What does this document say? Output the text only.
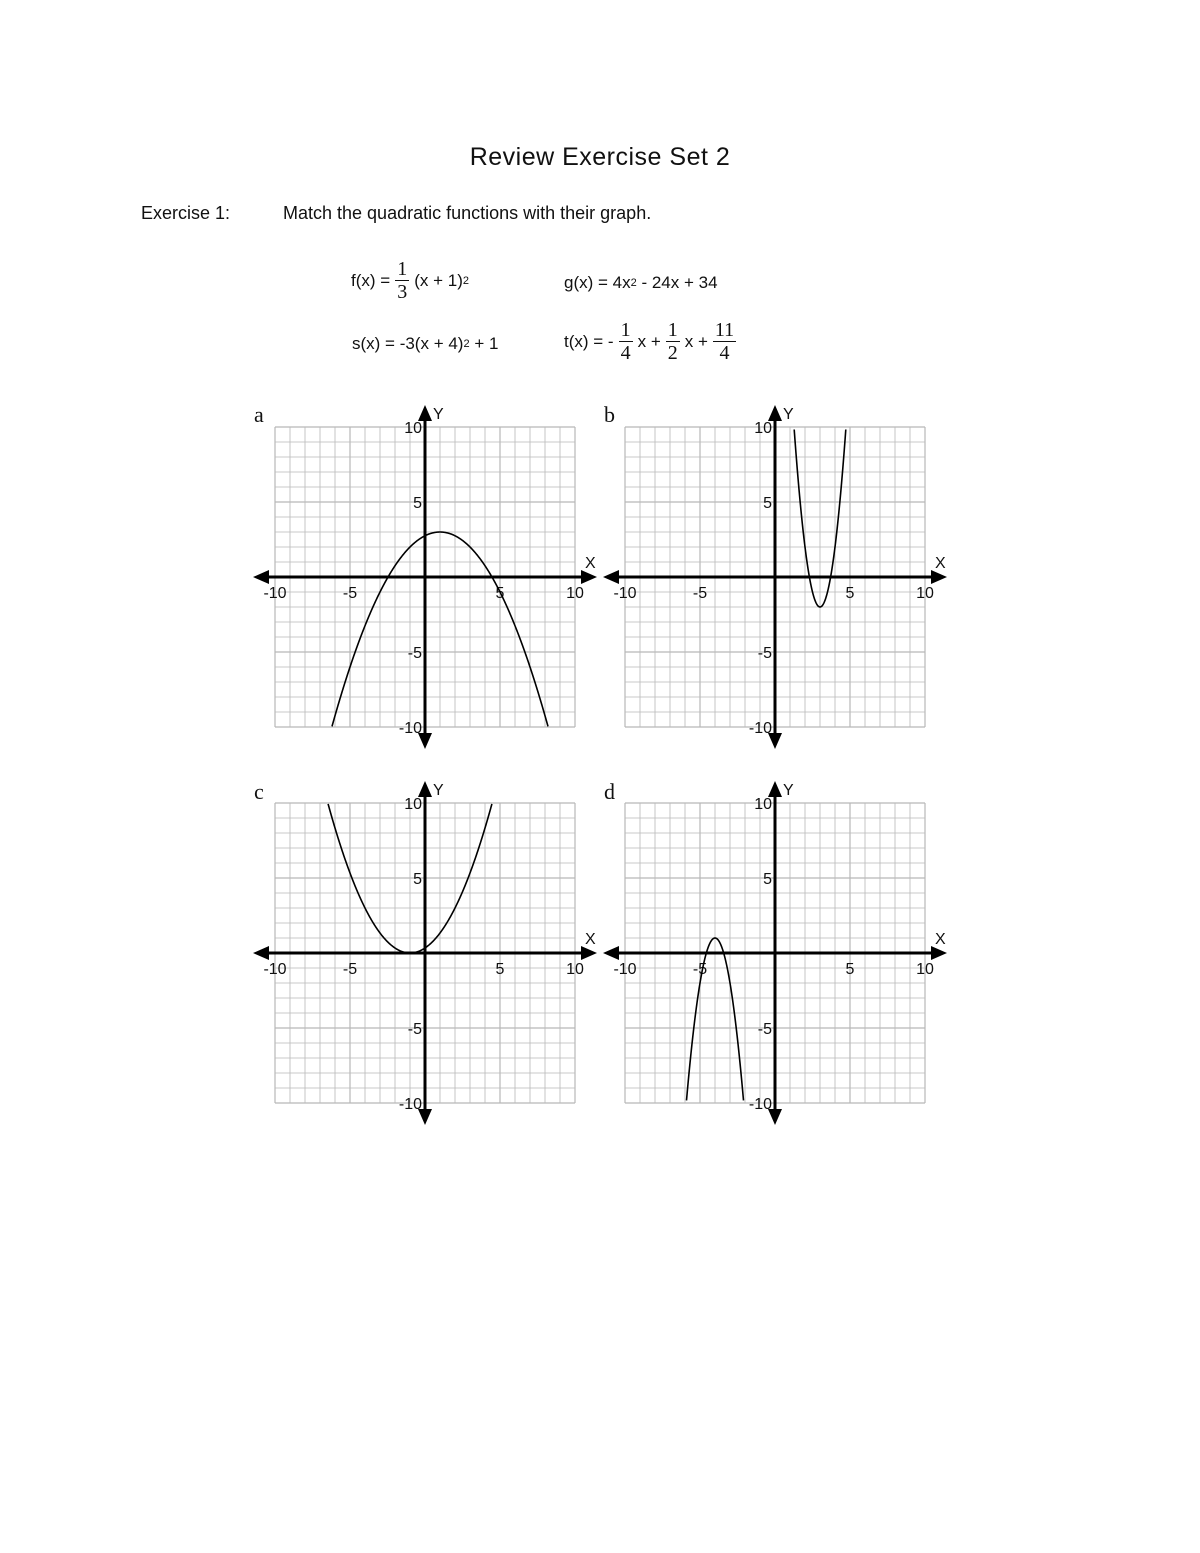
Review Exercise Set 2
Exercise 1:	Match the quadratic functions with their graph.
$f(x) = \frac{1}{3} (x + 1)$ 2	g(x) = 4x 2 - 24x + 34
s(x) = -3(x + 4) 2 + 1	t(x) = - $\frac{1}{4}$ $x + \frac{1}{2}$ $x + \frac{11}{4}$
a	b
c	d
X
Y
-10	-5	5	10
10
5
-5
-10
X
Y
-10	-5	5	10
10
5
-5
-10
X
Y
-10	-5	5	10
10
5
-5
-10
X
Y
-10	-5	5	10
10
5
-5
-10
